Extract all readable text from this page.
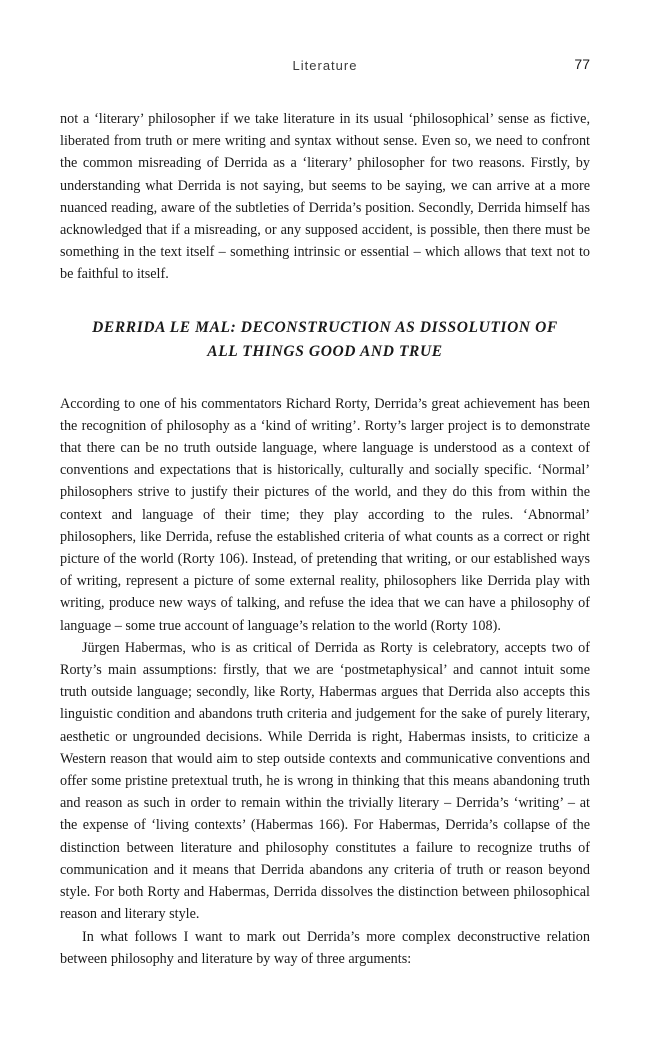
Literature	77

not a ‘literary’ philosopher if we take literature in its usual ‘philosophical’ sense as fictive, liberated from truth or mere writing and syntax without sense. Even so, we need to confront the common misreading of Derrida as a ‘literary’ philosopher for two reasons. Firstly, by understanding what Derrida is not saying, but seems to be saying, we can arrive at a more nuanced reading, aware of the subtleties of Derrida’s position. Secondly, Derrida himself has acknowledged that if a misreading, or any supposed accident, is possible, then there must be something in the text itself – something intrinsic or essential – which allows that text not to be faithful to itself.

DERRIDA LE MAL: DECONSTRUCTION AS DISSOLUTION OF
ALL THINGS GOOD AND TRUE

According to one of his commentators Richard Rorty, Derrida’s great achievement has been the recognition of philosophy as a ‘kind of writing’. Rorty’s larger project is to demonstrate that there can be no truth outside language, where language is understood as a context of conventions and expectations that is historically, culturally and socially specific. ‘Normal’ philosophers strive to justify their pictures of the world, and they do this from within the context and language of their time; they play according to the rules. ‘Abnormal’ philosophers, like Derrida, refuse the established criteria of what counts as a correct or right picture of the world (Rorty 106). Instead, of pretending that writing, or our established ways of writing, represent a picture of some external reality, philosophers like Derrida play with writing, produce new ways of talking, and refuse the idea that we can have a philosophy of language – some true account of language’s relation to the world (Rorty 108).

Jürgen Habermas, who is as critical of Derrida as Rorty is celebratory, accepts two of Rorty’s main assumptions: firstly, that we are ‘postmetaphysical’ and cannot intuit some truth outside language; secondly, like Rorty, Habermas argues that Derrida also accepts this linguistic condition and abandons truth criteria and judgement for the sake of purely literary, aesthetic or ungrounded decisions. While Derrida is right, Habermas insists, to criticize a Western reason that would aim to step outside contexts and communicative conventions and offer some pristine pretextual truth, he is wrong in thinking that this means abandoning truth and reason as such in order to remain within the trivially literary – Derrida’s ‘writing’ – at the expense of ‘living contexts’ (Habermas 166). For Habermas, Derrida’s collapse of the distinction between literature and philosophy constitutes a failure to recognize truths of communication and it means that Derrida abandons any criteria of truth or reason beyond style. For both Rorty and Habermas, Derrida dissolves the distinction between philosophical reason and literary style.

In what follows I want to mark out Derrida’s more complex deconstructive relation between philosophy and literature by way of three arguments:
